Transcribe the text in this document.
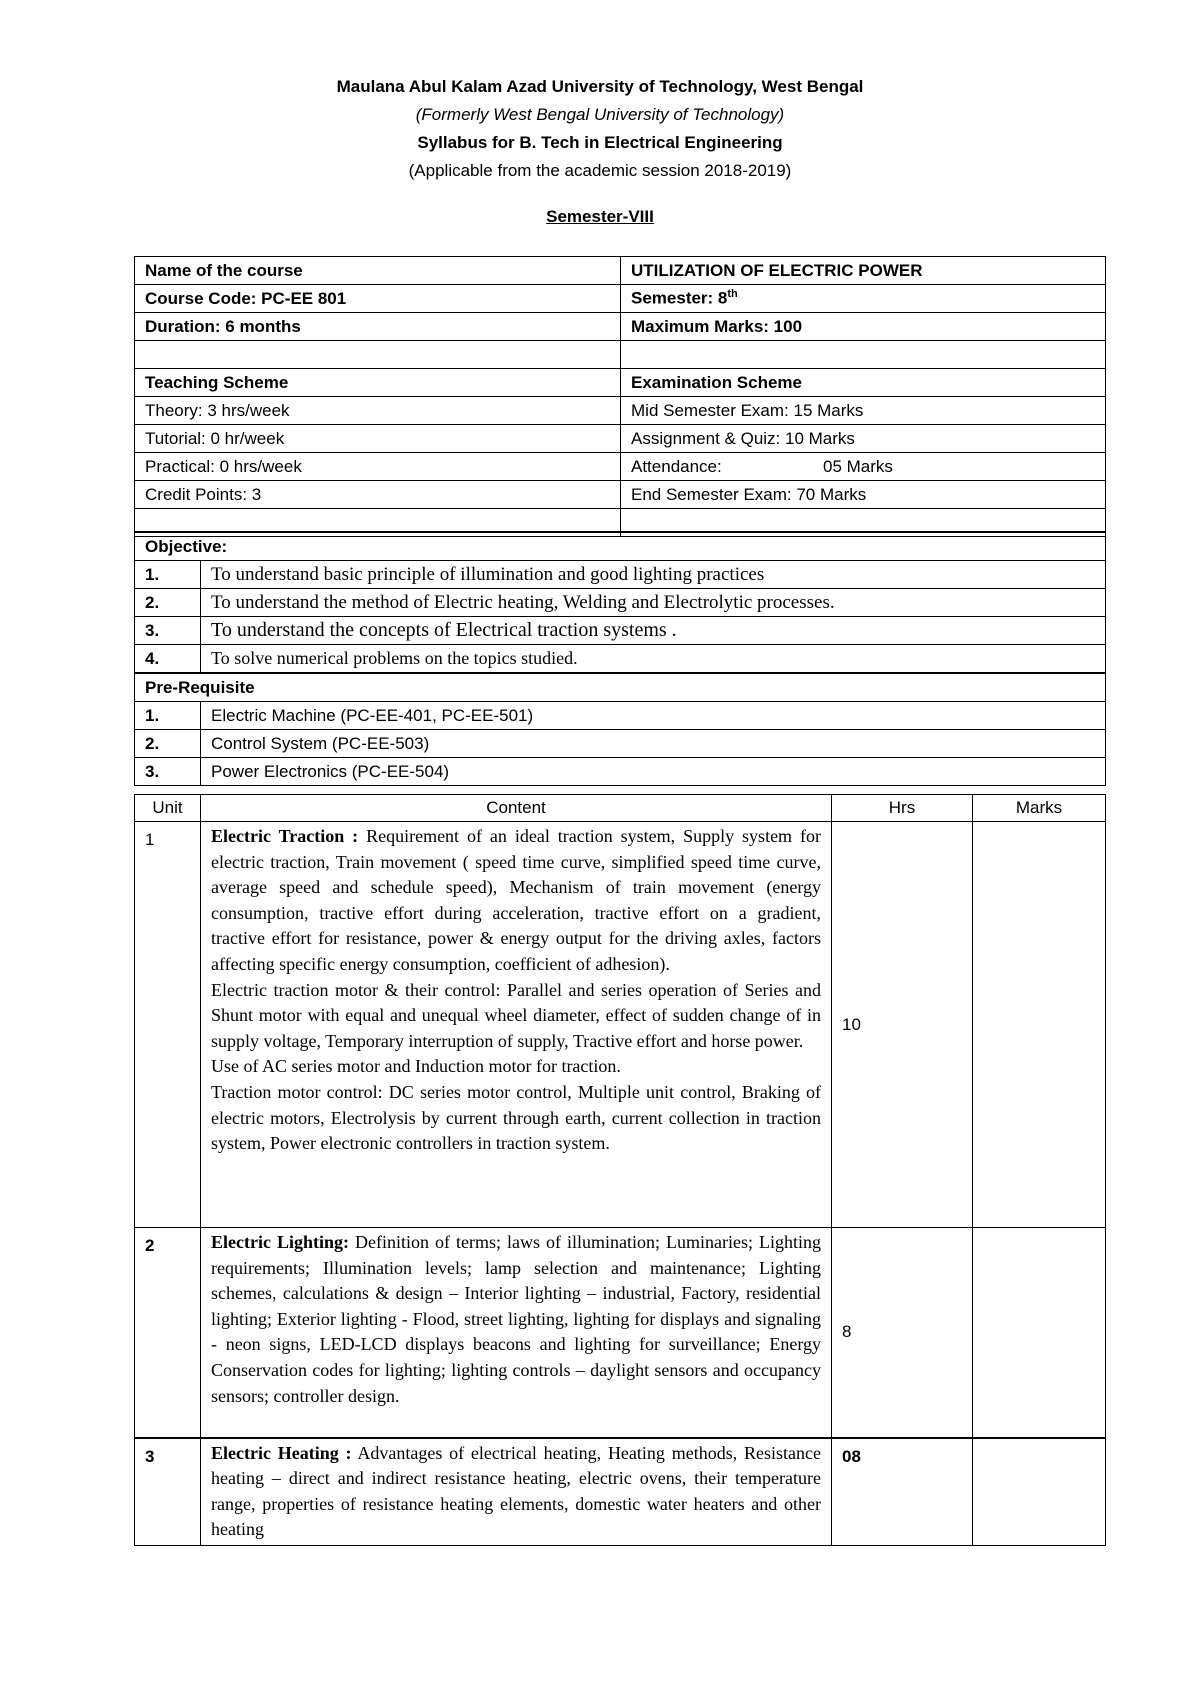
Maulana Abul Kalam Azad University of Technology, West Bengal
(Formerly West Bengal University of Technology)
Syllabus for B. Tech in Electrical Engineering
(Applicable from the academic session 2018-2019)
Semester-VIII
Name of the course	UTILIZATION OF ELECTRIC POWER
Course Code: PC-EE 801	Semester: 8th
Duration: 6 months	Maximum Marks: 100

Teaching Scheme	Examination Scheme
Theory: 3 hrs/week	Mid Semester Exam: 15 Marks
Tutorial: 0 hr/week	Assignment & Quiz: 10 Marks
Practical: 0 hrs/week	Attendance: 05 Marks
Credit Points: 3	End Semester Exam: 70 Marks

Objective:	
1.	To understand basic principle of illumination and good lighting practices
2.	To understand the method of Electric heating, Welding and Electrolytic processes.
3.	To understand the concepts of Electrical traction systems .
4.	To solve numerical problems on the topics studied.
Pre-Requisite	
1.	Electric Machine (PC-EE-401, PC-EE-501)
2.	Control System (PC-EE-503)
3.	Power Electronics (PC-EE-504)
Unit	Content	Hrs	Marks
1	Electric Traction : Requirement of an ideal traction system, Supply system for electric traction, Train movement ( speed time curve, simplified speed time curve, average speed and schedule speed), Mechanism of train movement (energy consumption, tractive effort during acceleration, tractive effort on a gradient, tractive effort for resistance, power & energy output for the driving axles, factors affecting specific energy consumption, coefficient of adhesion).

Electric traction motor & their control: Parallel and series operation of Series and Shunt motor with equal and unequal wheel diameter, effect of sudden change of in supply voltage, Temporary interruption of supply, Tractive effort and horse power.

Use of AC series motor and Induction motor for traction.

Traction motor control: DC series motor control, Multiple unit control, Braking of electric motors, Electrolysis by current through earth, current collection in traction system, Power electronic controllers in traction system.	10	
2	Electric Lighting: Definition of terms; laws of illumination; Luminaries; Lighting requirements; Illumination levels; lamp selection and maintenance; Lighting schemes, calculations & design – Interior lighting – industrial, Factory, residential lighting; Exterior lighting - Flood, street lighting, lighting for displays and signaling - neon signs, LED-LCD displays beacons and lighting for surveillance; Energy Conservation codes for lighting; lighting controls – daylight sensors and occupancy sensors; controller design.	8	
3	Electric Heating : Advantages of electrical heating, Heating methods, Resistance heating – direct and indirect resistance heating, electric ovens, their temperature range, properties of resistance heating elements, domestic water heaters and other heating	08	
